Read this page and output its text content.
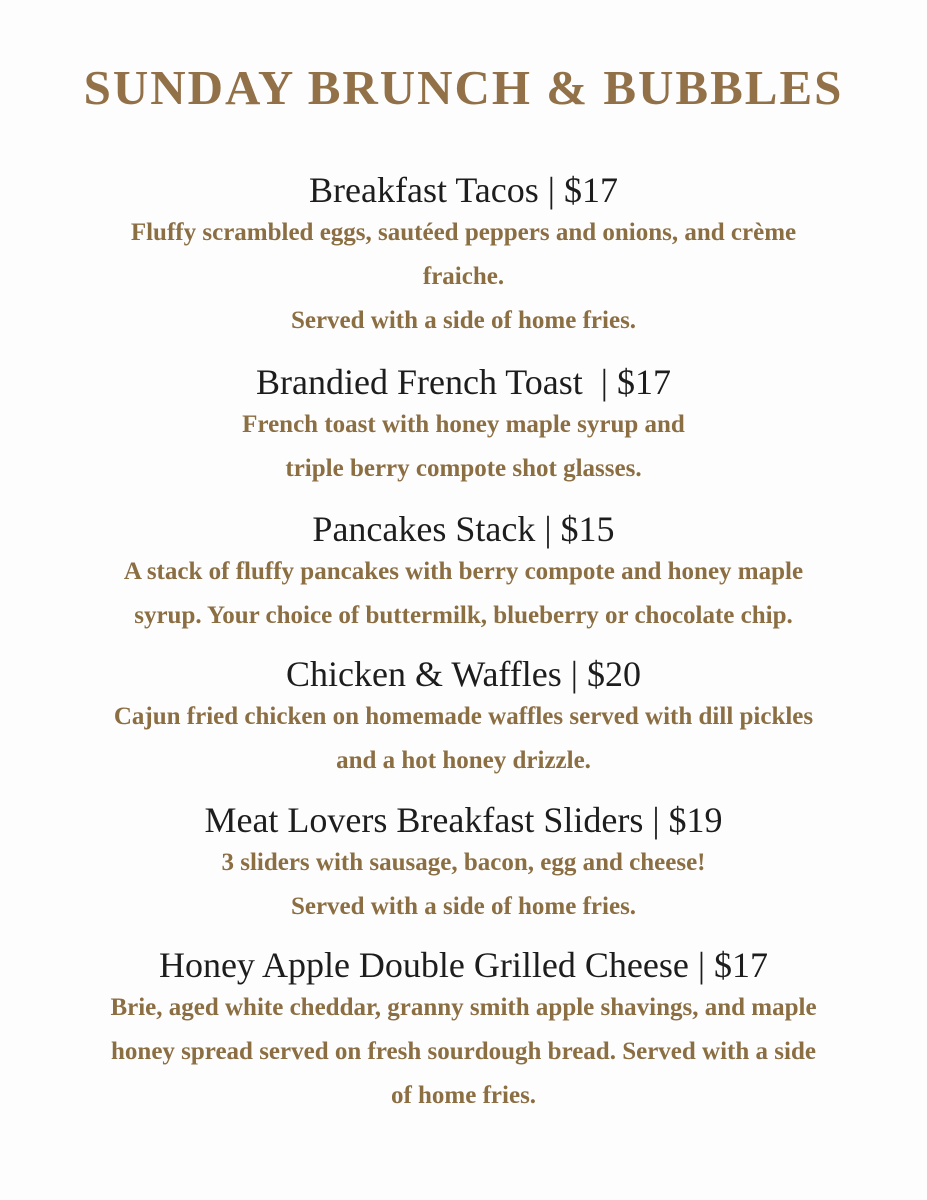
SUNDAY BRUNCH & BUBBLES
Breakfast Tacos | $17
Fluffy scrambled eggs, sautéed peppers and onions, and crème
fraiche.
Served with a side of home fries.
Brandied French Toast  | $17
French toast with honey maple syrup and
triple berry compote shot glasses.
Pancakes Stack | $15
A stack of fluffy pancakes with berry compote and honey maple
syrup. Your choice of buttermilk, blueberry or chocolate chip.
Chicken & Waffles | $20
Cajun fried chicken on homemade waffles served with dill pickles
and a hot honey drizzle.
Meat Lovers Breakfast Sliders | $19
3 sliders with sausage, bacon, egg and cheese!
Served with a side of home fries.
Honey Apple Double Grilled Cheese | $17
Brie, aged white cheddar, granny smith apple shavings, and maple
honey spread served on fresh sourdough bread. Served with a side
of home fries.
